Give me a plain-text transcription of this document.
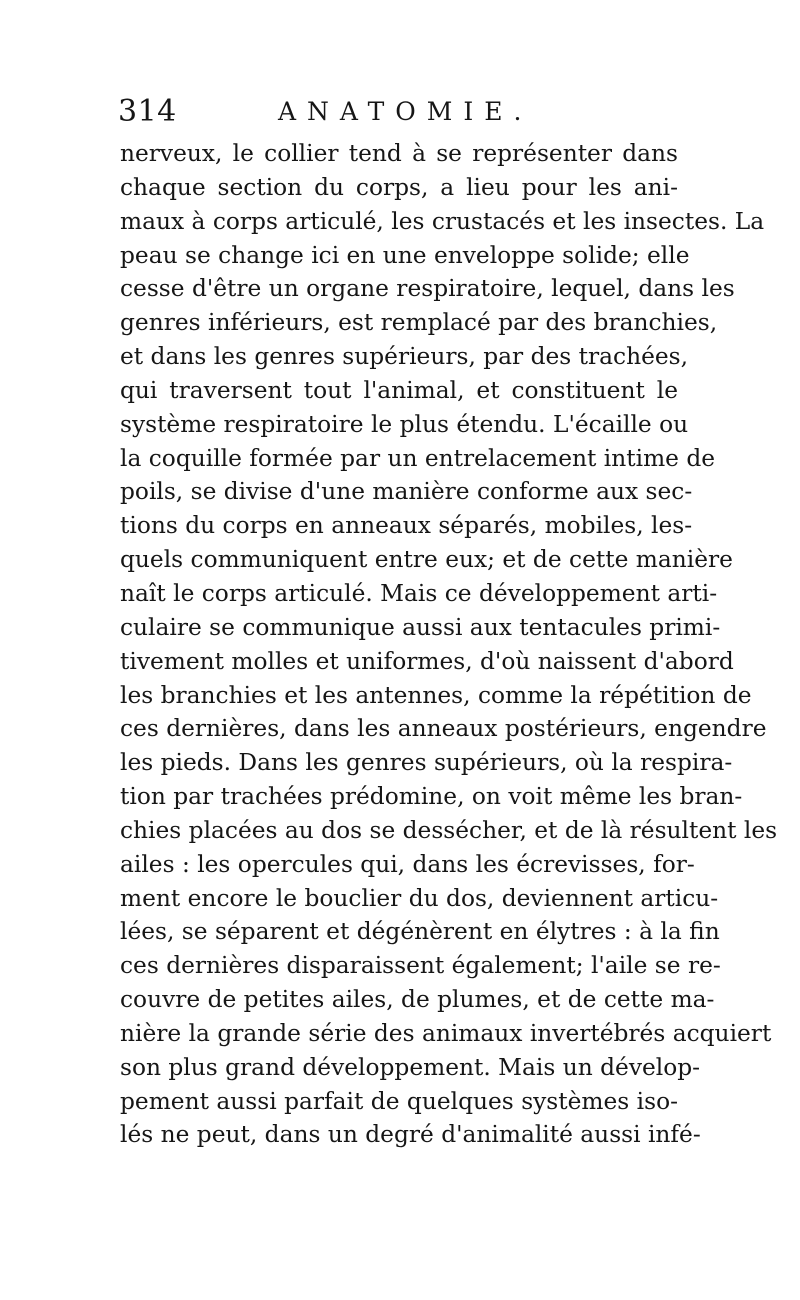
314	ANATOMIE.
nerveux, le collier tend à se représenter dans
chaque section du corps, a lieu pour les ani-
maux à corps articulé, les crustacés et les insectes. La
peau se change ici en une enveloppe solide; elle
cesse d'être un organe respiratoire, lequel, dans les
genres inférieurs, est remplacé par des branchies,
et dans les genres supérieurs, par des trachées,
qui traversent tout l'animal, et constituent le
système respiratoire le plus étendu. L'écaille ou
la coquille formée par un entrelacement intime de
poils, se divise d'une manière conforme aux sec-
tions du corps en anneaux séparés, mobiles, les-
quels communiquent entre eux; et de cette manière
naît le corps articulé. Mais ce développement arti-
culaire se communique aussi aux tentacules primi-
tivement molles et uniformes, d'où naissent d'abord
les branchies et les antennes, comme la répétition de
ces dernières, dans les anneaux postérieurs, engendre
les pieds. Dans les genres supérieurs, où la respira-
tion par trachées prédomine, on voit même les bran-
chies placées au dos se dessécher, et de là résultent les
ailes : les opercules qui, dans les écrevisses, for-
ment encore le bouclier du dos, deviennent articu-
lées, se séparent et dégénèrent en élytres : à la fin
ces dernières disparaissent également; l'aile se re-
couvre de petites ailes, de plumes, et de cette ma-
nière la grande série des animaux invertébrés acquiert
son plus grand développement. Mais un dévelop-
pement aussi parfait de quelques systèmes iso-
lés ne peut, dans un degré d'animalité aussi infé-
